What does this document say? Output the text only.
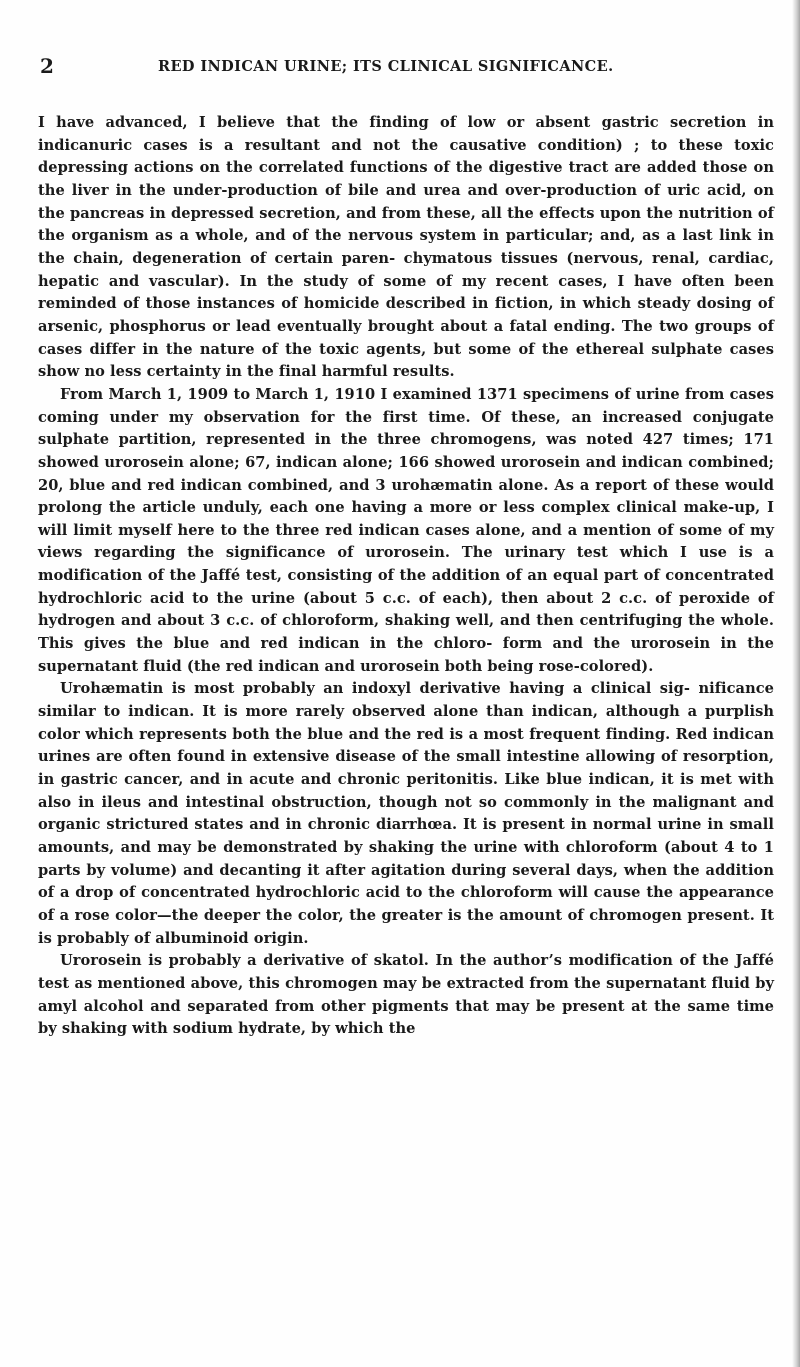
2	RED INDICAN URINE; ITS CLINICAL SIGNIFICANCE.

I have advanced, I believe that the finding of low or absent gastric secretion in indicanuric cases is a resultant and not the causative condition) ; to these toxic depressing actions on the correlated functions of the digestive tract are added those on the liver in the under-production of bile and urea and over-production of uric acid, on the pancreas in depressed secretion, and from these, all the effects upon the nutrition of the organism as a whole, and of the nervous system in particular; and, as a last link in the chain, degeneration of certain paren- chymatous tissues (nervous, renal, cardiac, hepatic and vascular). In the study of some of my recent cases, I have often been reminded of those instances of homicide described in fiction, in which steady dosing of arsenic, phosphorus or lead eventually brought about a fatal ending. The two groups of cases differ in the nature of the toxic agents, but some of the ethereal sulphate cases show no less certainty in the final harmful results.

From March 1, 1909 to March 1, 1910 I examined 1371 specimens of urine from cases coming under my observation for the first time. Of these, an increased conjugate sulphate partition, represented in the three chromogens, was noted 427 times; 171 showed urorosein alone; 67, indican alone; 166 showed urorosein and indican combined; 20, blue and red indican combined, and 3 urohæmatin alone. As a report of these would prolong the article unduly, each one having a more or less complex clinical make-up, I will limit myself here to the three red indican cases alone, and a mention of some of my views regarding the significance of urorosein. The urinary test which I use is a modification of the Jaffé test, consisting of the addition of an equal part of concentrated hydrochloric acid to the urine (about 5 c.c. of each), then about 2 c.c. of peroxide of hydrogen and about 3 c.c. of chloroform, shaking well, and then centrifuging the whole. This gives the blue and red indican in the chloro- form and the urorosein in the supernatant fluid (the red indican and urorosein both being rose-colored).

Urohæmatin is most probably an indoxyl derivative having a clinical sig- nificance similar to indican. It is more rarely observed alone than indican, although a purplish color which represents both the blue and the red is a most frequent finding. Red indican urines are often found in extensive disease of the small intestine allowing of resorption, in gastric cancer, and in acute and chronic peritonitis. Like blue indican, it is met with also in ileus and intestinal obstruction, though not so commonly in the malignant and organic strictured states and in chronic diarrhœa. It is present in normal urine in small amounts, and may be demonstrated by shaking the urine with chloroform (about 4 to 1 parts by volume) and decanting it after agitation during several days, when the addition of a drop of concentrated hydrochloric acid to the chloroform will cause the appearance of a rose color—the deeper the color, the greater is the amount of chromogen present. It is probably of albuminoid origin.

Urorosein is probably a derivative of skatol. In the author’s modification of the Jaffé test as mentioned above, this chromogen may be extracted from the supernatant fluid by amyl alcohol and separated from other pigments that may be present at the same time by shaking with sodium hydrate, by which the
